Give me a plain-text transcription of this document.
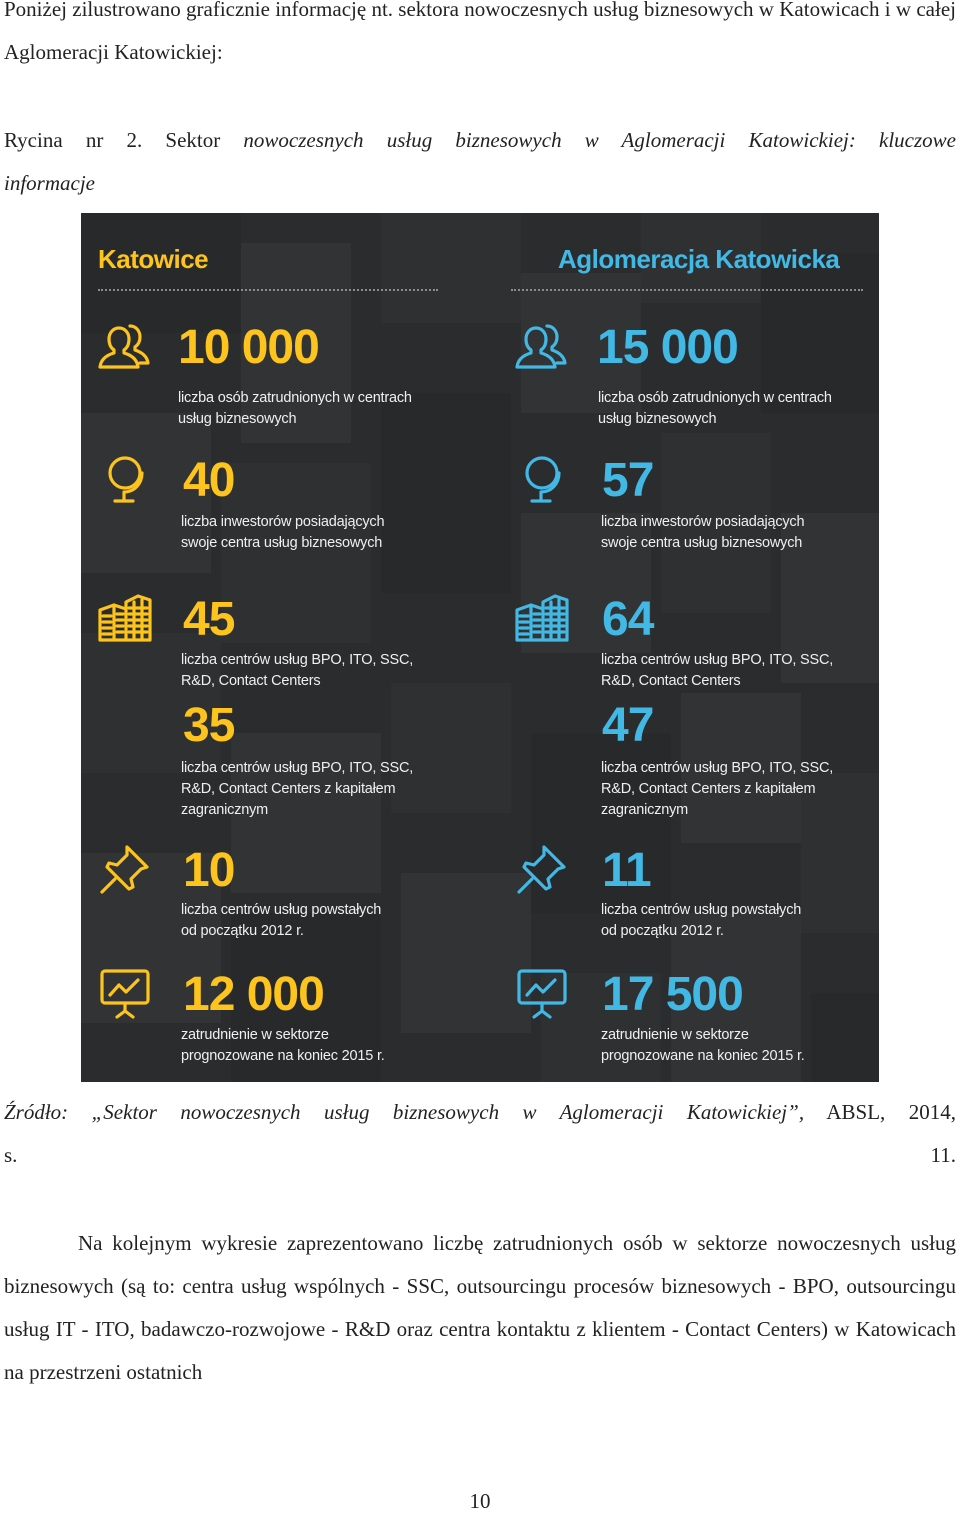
Poniżej zilustrowano graficznie informację nt. sektora nowoczesnych usług biznesowych w Katowicach i w całej Aglomeracji Katowickiej:

Rycina nr 2. Sektor nowoczesnych usług biznesowych w Aglomeracji Katowickiej: kluczowe
informacje

Katowice
10 000
liczba osób zatrudnionych w centrach
usług biznesowych
40
liczba inwestorów posiadających
swoje centra usług biznesowych
45
liczba centrów usług BPO, ITO, SSC,
R&D, Contact Centers
35
liczba centrów usług BPO, ITO, SSC,
R&D, Contact Centers z kapitałem
zagranicznym
10
liczba centrów usług powstałych
od początku 2012 r.
12 000
zatrudnienie w sektorze
prognozowane na koniec 2015 r.
Aglomeracja Katowicka
15 000
liczba osób zatrudnionych w centrach
usług biznesowych
57
liczba inwestorów posiadających
swoje centra usług biznesowych
64
liczba centrów usług BPO, ITO, SSC,
R&D, Contact Centers
47
liczba centrów usług BPO, ITO, SSC,
R&D, Contact Centers z kapitałem
zagranicznym
11
liczba centrów usług powstałych
od początku 2012 r.
17 500
zatrudnienie w sektorze
prognozowane na koniec 2015 r.

Źródło: „Sektor nowoczesnych usług biznesowych w Aglomeracji Katowickiej”, ABSL, 2014,
s. 11.

Na kolejnym wykresie zaprezentowano liczbę zatrudnionych osób w sektorze nowoczesnych usług biznesowych (są to: centra usług wspólnych - SSC, outsourcingu procesów biznesowych - BPO, outsourcingu usług IT - ITO, badawczo-rozwojowe - R&D oraz centra kontaktu z klientem - Contact Centers) w Katowicach na przestrzeni ostatnich

10
